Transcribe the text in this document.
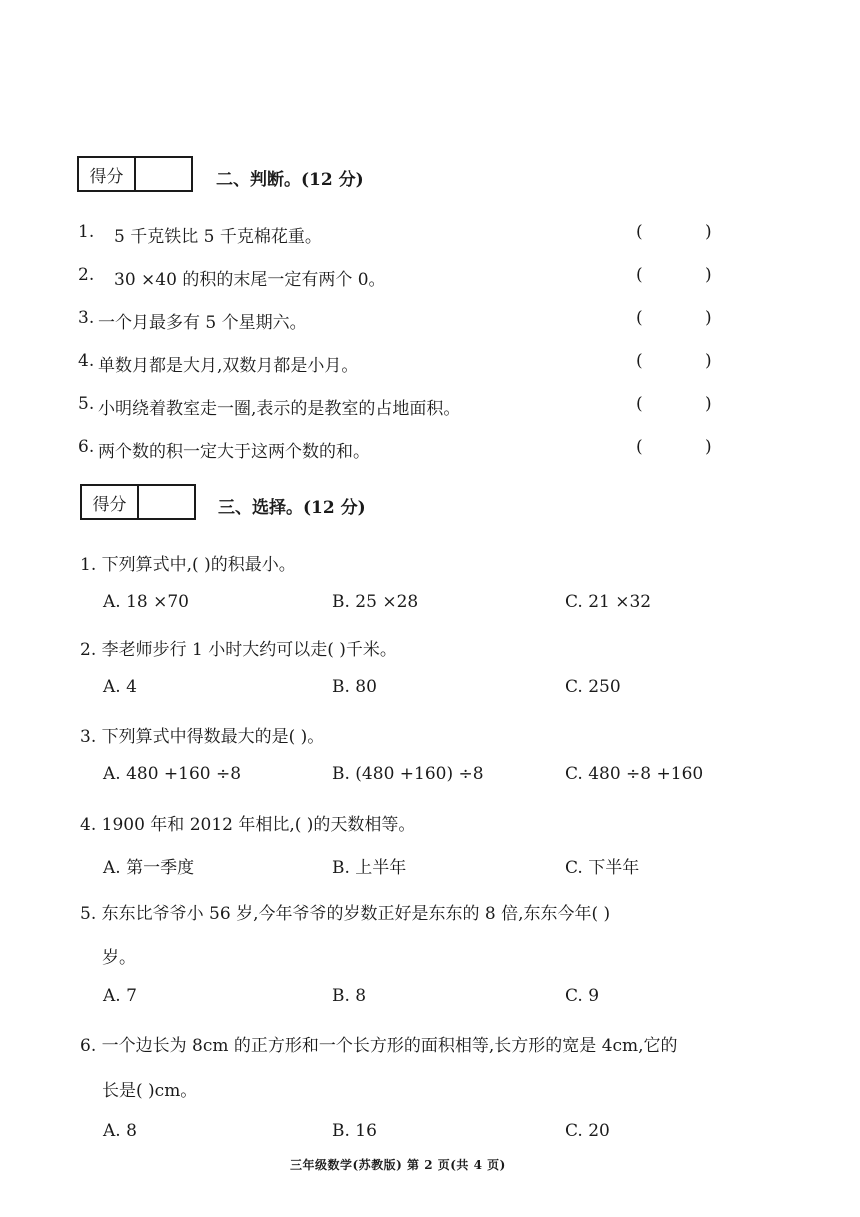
得分	二、判断。(12 分)
1. 5 千克铁比 5 千克棉花重。	(	)
2. 30 ×40 的积的末尾一定有两个 0。	(	)
3. 一个月最多有 5 个星期六。	(	)
4. 单数月都是大月,双数月都是小月。	(	)
5. 小明绕着教室走一圈,表示的是教室的占地面积。	(	)
6. 两个数的积一定大于这两个数的和。	(	)
得分	三、选择。(12 分)
1. 下列算式中,( )的积最小。
A. 18 ×70	B. 25 ×28	C. 21 ×32
2. 李老师步行 1 小时大约可以走( )千米。
A. 4	B. 80	C. 250
3. 下列算式中得数最大的是( )。
A. 480 +160 ÷8	B. (480 +160) ÷8	C. 480 ÷8 +160
4. 1900 年和 2012 年相比,( )的天数相等。
A. 第一季度	B. 上半年	C. 下半年
5. 东东比爷爷小 56 岁,今年爷爷的岁数正好是东东的 8 倍,东东今年( )
岁。
A. 7	B. 8	C. 9
6. 一个边长为 8cm 的正方形和一个长方形的面积相等,长方形的宽是 4cm,它的
长是( )cm。
A. 8	B. 16	C. 20
三年级数学(苏教版) 第 2 页(共 4 页)
